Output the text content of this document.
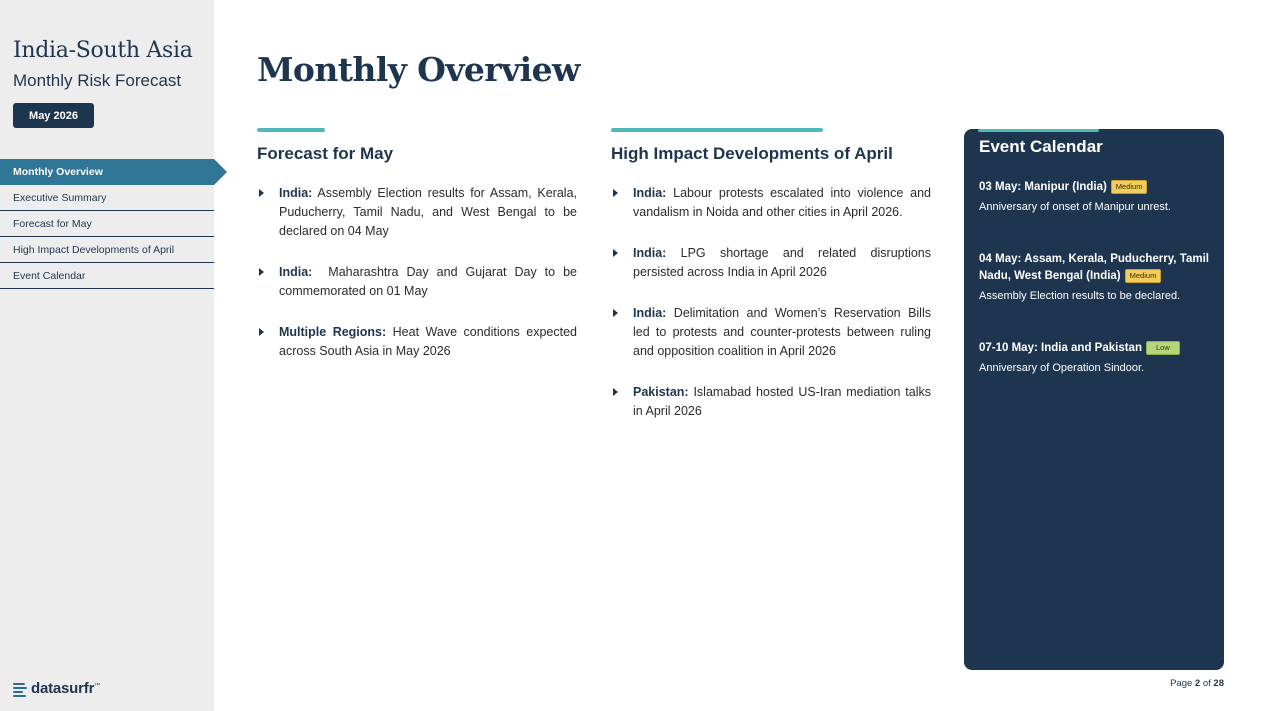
India-South Asia
Monthly Risk Forecast
May 2026
Monthly Overview
Executive Summary
Forecast for May
High Impact Developments of April
Event Calendar
datasurfr™
Monthly Overview
Forecast for May
India: Assembly Election results for Assam, Kerala, Puducherry, Tamil Nadu, and West Bengal to be declared on 04 May
India:  Maharashtra Day and Gujarat Day to be commemorated on 01 May
Multiple Regions: Heat Wave conditions expected across South Asia in May 2026
High Impact Developments of April
India: Labour protests escalated into violence and vandalism in Noida and other cities in April 2026.
India: LPG shortage and related disruptions persisted across India in April 2026
India: Delimitation and Women’s Reservation Bills led to protests and counter-protests between ruling and opposition coalition in April 2026
Pakistan: Islamabad hosted US-Iran mediation talks in April 2026
Event Calendar
03 May: Manipur (India) Medium
Anniversary of onset of Manipur unrest.
04 May: Assam, Kerala, Puducherry, Tamil Nadu, West Bengal (India) Medium
Assembly Election results to be declared.
07-10 May: India and Pakistan Low
Anniversary of Operation Sindoor.
Page 2 of 28
